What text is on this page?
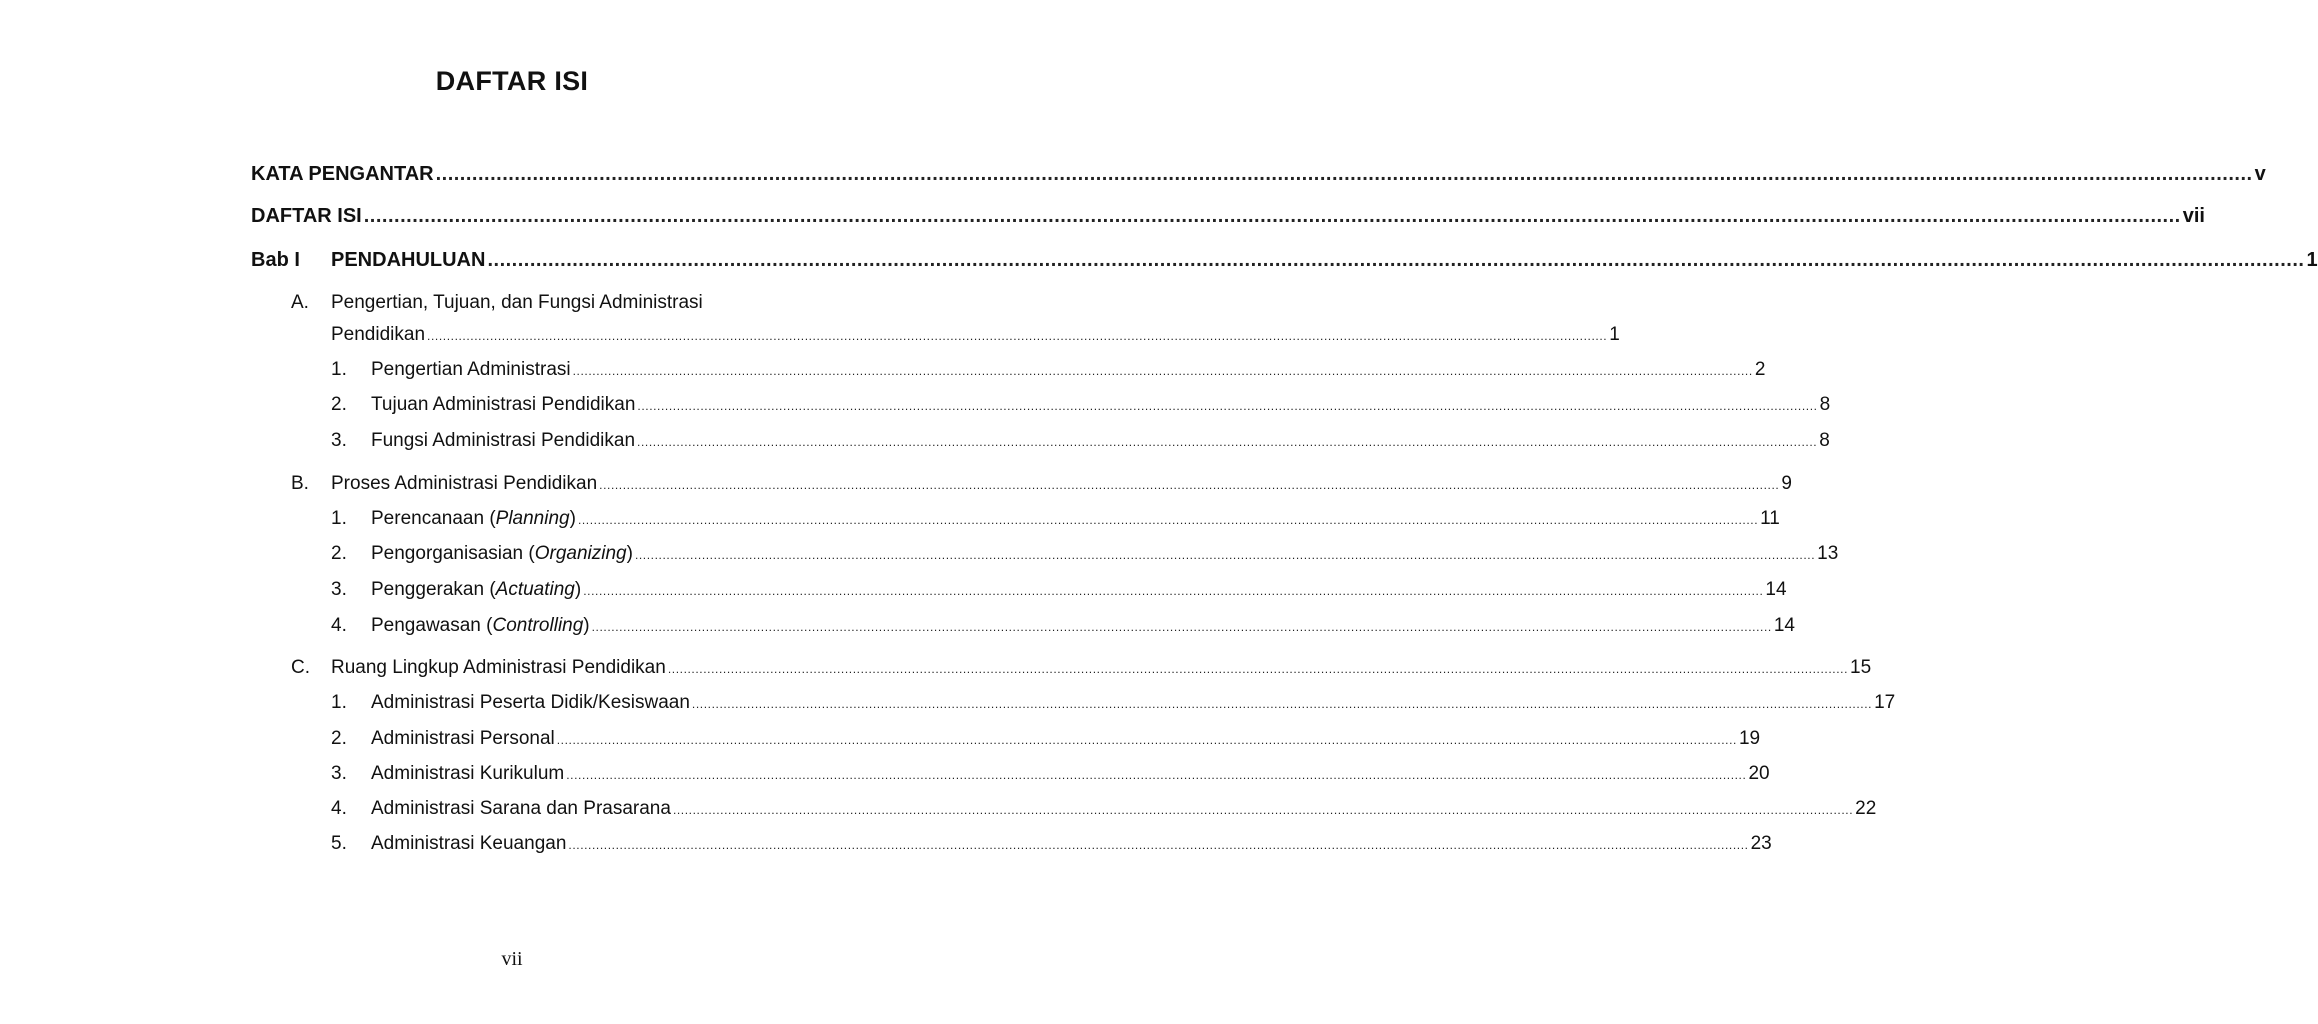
DAFTAR ISI
KATA PENGANTAR ............................................................................................................................................................................................................................................................................................................ v
DAFTAR ISI ............................................................................................................................................................................................................................................................................................................ vii
Bab I PENDAHULUAN ............................................................................................................................................................................................................................................................................................................ 1
A. Pengertian, Tujuan, dan Fungsi Administrasi
Pendidikan ............................................................................................................................................................................................................................................................................................................ 1
1. Pengertian Administrasi ............................................................................................................................................................................................................................................................................................................ 2
2. Tujuan Administrasi Pendidikan ............................................................................................................................................................................................................................................................................................................ 8
3. Fungsi Administrasi Pendidikan ............................................................................................................................................................................................................................................................................................................ 8
B. Proses Administrasi Pendidikan ............................................................................................................................................................................................................................................................................................................ 9
1. Perencanaan (Planning) ............................................................................................................................................................................................................................................................................................................ 11
2. Pengorganisasian (Organizing) ............................................................................................................................................................................................................................................................................................................ 13
3. Penggerakan (Actuating) ............................................................................................................................................................................................................................................................................................................ 14
4. Pengawasan (Controlling) ............................................................................................................................................................................................................................................................................................................ 14
C. Ruang Lingkup Administrasi Pendidikan ............................................................................................................................................................................................................................................................................................................ 15
1. Administrasi Peserta Didik/Kesiswaan ............................................................................................................................................................................................................................................................................................................ 17
2. Administrasi Personal ............................................................................................................................................................................................................................................................................................................ 19
3. Administrasi Kurikulum ............................................................................................................................................................................................................................................................................................................ 20
4. Administrasi Sarana dan Prasarana ............................................................................................................................................................................................................................................................................................................ 22
5. Administrasi Keuangan ............................................................................................................................................................................................................................................................................................................ 23
vii
